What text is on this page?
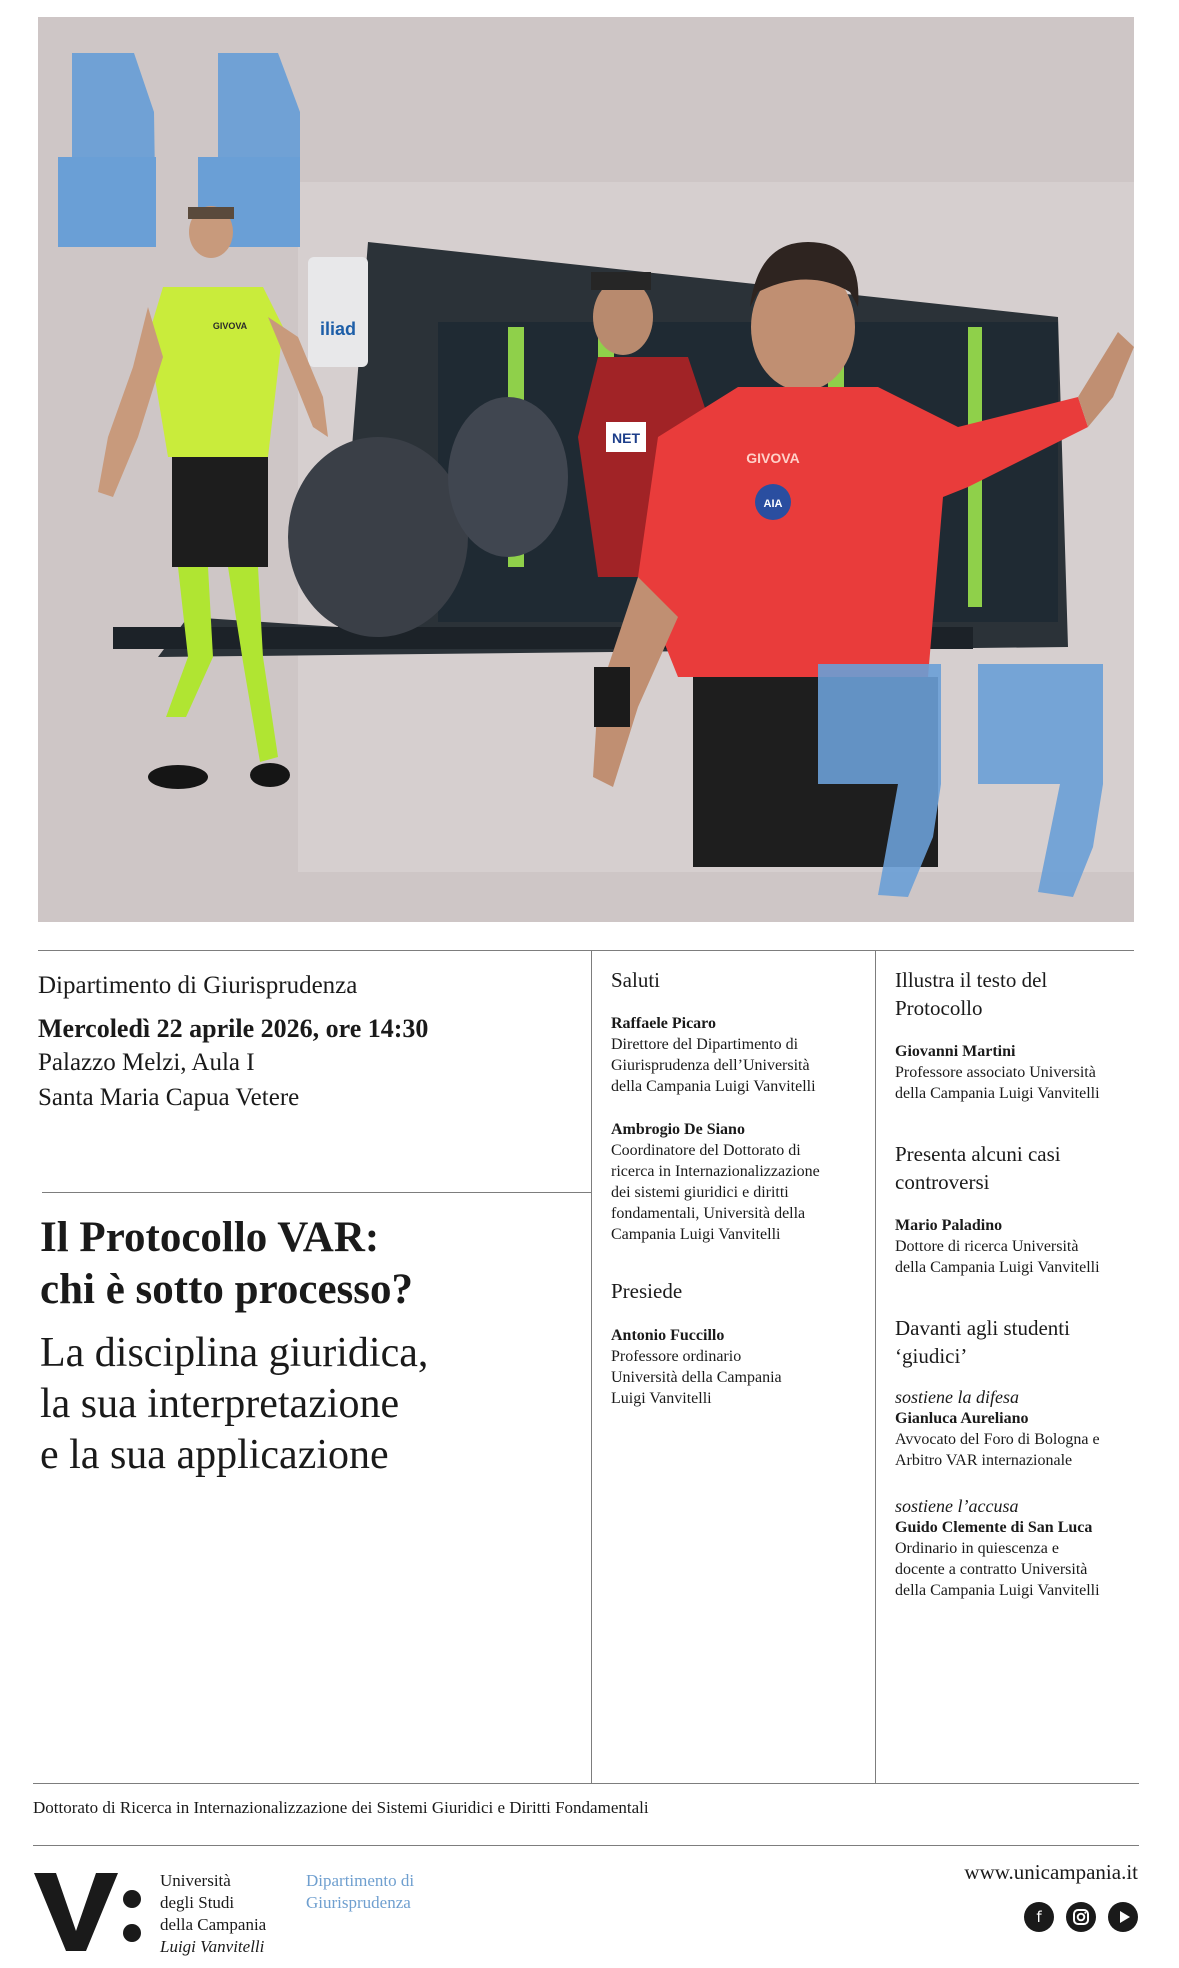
iliad
GIVOVA
NET
GIVOVA
AIA
Dipartimento di Giurisprudenza
Mercoledì 22 aprile 2026, ore 14:30
Palazzo Melzi, Aula I
Santa Maria Capua Vetere
Il Protocollo VAR:
chi è sotto processo?
La disciplina giuridica,
la sua interpretazione
e la sua applicazione
Saluti
Raffaele Picaro
Direttore del Dipartimento di
Giurisprudenza dell’Università
della Campania Luigi Vanvitelli
Ambrogio De Siano
Coordinatore del Dottorato di
ricerca in Internazionalizzazione
dei sistemi giuridici e diritti
fondamentali, Università della
Campania Luigi Vanvitelli
Presiede
Antonio Fuccillo
Professore ordinario
Università della Campania
Luigi Vanvitelli
Illustra il testo del
Protocollo
Giovanni Martini
Professore associato Università
della Campania Luigi Vanvitelli
Presenta alcuni casi
controversi
Mario Paladino
Dottore di ricerca Università
della Campania Luigi Vanvitelli
Davanti agli studenti
‘giudici’
sostiene la difesa
Gianluca Aureliano
Avvocato del Foro di Bologna e
Arbitro VAR internazionale
sostiene l’accusa
Guido Clemente di San Luca
Ordinario in quiescenza e
docente a contratto Università
della Campania Luigi Vanvitelli
Dottorato di Ricerca in Internazionalizzazione dei Sistemi Giuridici e Diritti Fondamentali
Università
degli Studi
della Campania
Luigi Vanvitelli
Dipartimento di
Giurisprudenza
www.unicampania.it
f
